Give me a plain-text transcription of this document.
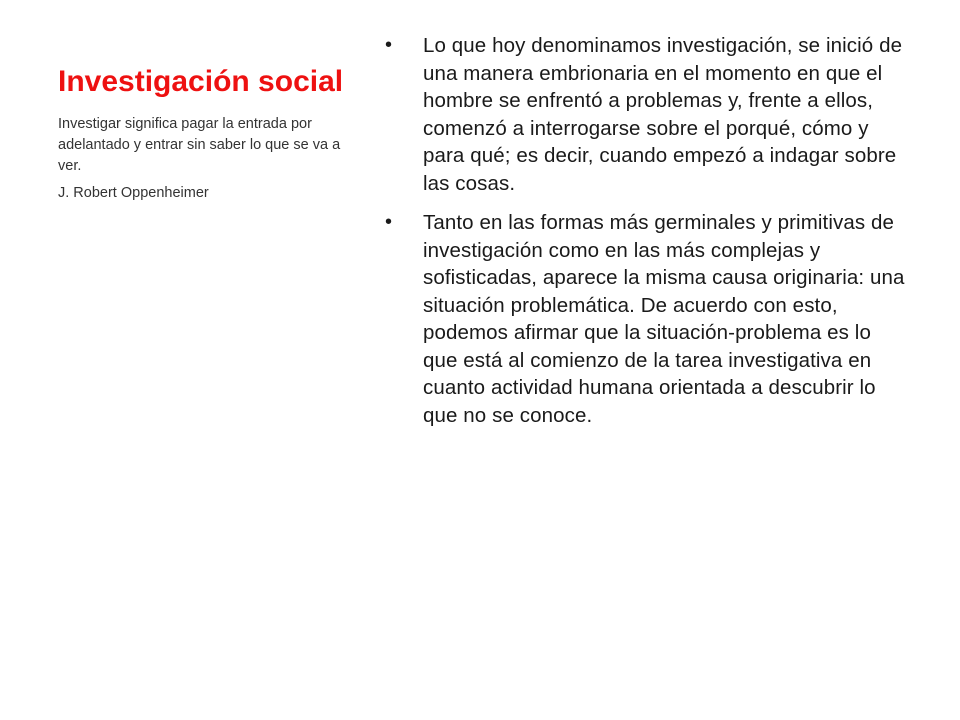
Investigación social

Investigar significa pagar la entrada por adelantado y entrar sin saber lo que se va a ver.

J. Robert Oppenheimer

• Lo que hoy denominamos investigación, se inició de una manera embrionaria en el momento en que el hombre se enfrentó a problemas y, frente a ellos, comenzó a interrogarse sobre el porqué, cómo y para qué; es decir, cuando empezó a indagar sobre las cosas.
• Tanto en las formas más germinales y primitivas de investigación como en las más complejas y sofisticadas, aparece la misma causa originaria: una situación problemática. De acuerdo con esto, podemos afirmar que la situación-problema es lo que está al comienzo de la tarea investigativa en cuanto actividad humana orientada a descubrir lo que no se conoce.
